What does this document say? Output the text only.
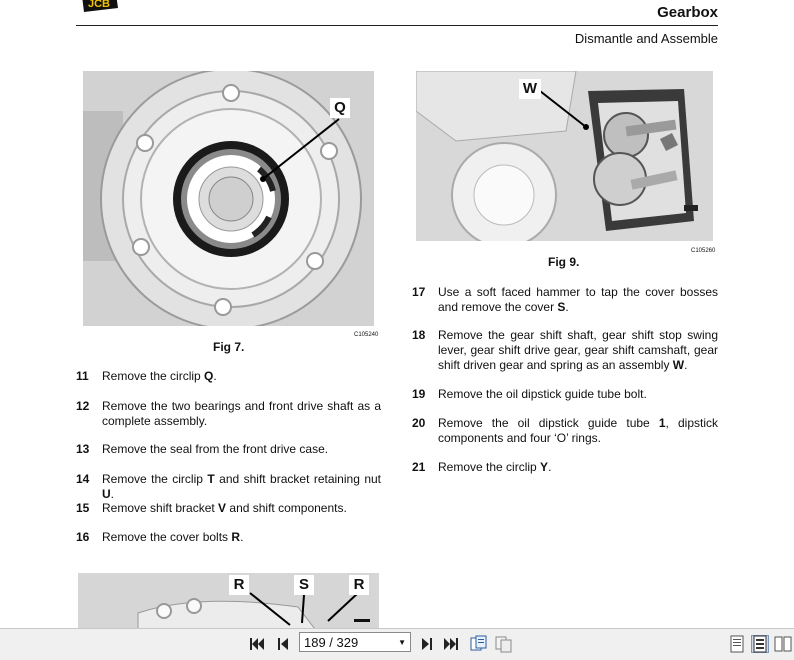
JCB	Gearbox
Dismantle and Assemble
Q
Fig 7.
C105240
W
Fig 9.
C105260
11 Remove the circlip Q.
12 Remove the two bearings and front drive shaft as a complete assembly.
13 Remove the seal from the front drive case.
14 Remove the circlip T and shift bracket retaining nut U.
15 Remove shift bracket V and shift components.
16 Remove the cover bolts R.
17 Use a soft faced hammer to tap the cover bosses and remove the cover S.
18 Remove the gear shift shaft, gear shift stop swing lever, gear shift drive gear, gear shift camshaft, gear shift driven gear and spring as an assembly W.
19 Remove the oil dipstick guide tube bolt.
20 Remove the oil dipstick guide tube 1, dipstick components and four ‘O’ rings.
21 Remove the circlip Y.
R	S	R
189 / 329	▼
